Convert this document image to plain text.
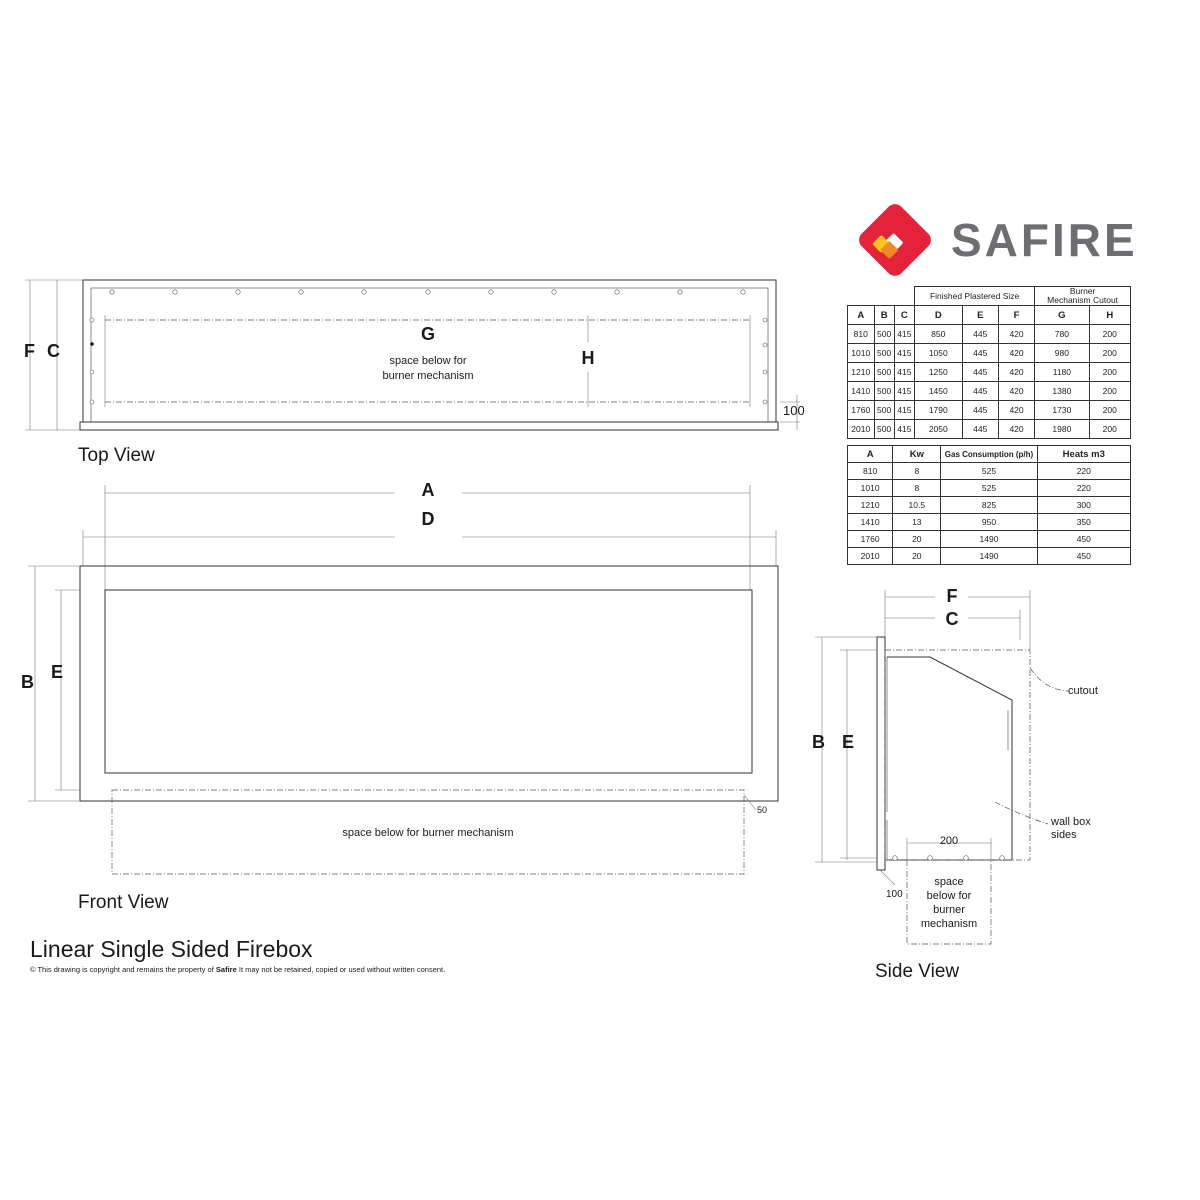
SAFIRE
F C
G
H
space below for
burner mechanism
100
Top View
A
D
B E
50
space below for burner mechanism
Front View
F
C
200
100
B E
cutout
wall box
sides
space
below for
burner
mechanism
Side View
Linear Single Sided Firebox
© This drawing is copyright and remains the property of Safire It may not be retained, copied or used without written consent.
			Finished Plastered Size			Burner
Mechanism Cutout	
A	B	C	D	E	F	G	H
810	500	415	850	445	420	780	200
1010	500	415	1050	445	420	980	200
1210	500	415	1250	445	420	1180	200
1410	500	415	1450	445	420	1380	200
1760	500	415	1790	445	420	1730	200
2010	500	415	2050	445	420	1980	200
A	Kw	Gas Consumption (p/h)	Heats m3
810	8	525	220
1010	8	525	220
1210	10.5	825	300
1410	13	950	350
1760	20	1490	450
2010	20	1490	450
